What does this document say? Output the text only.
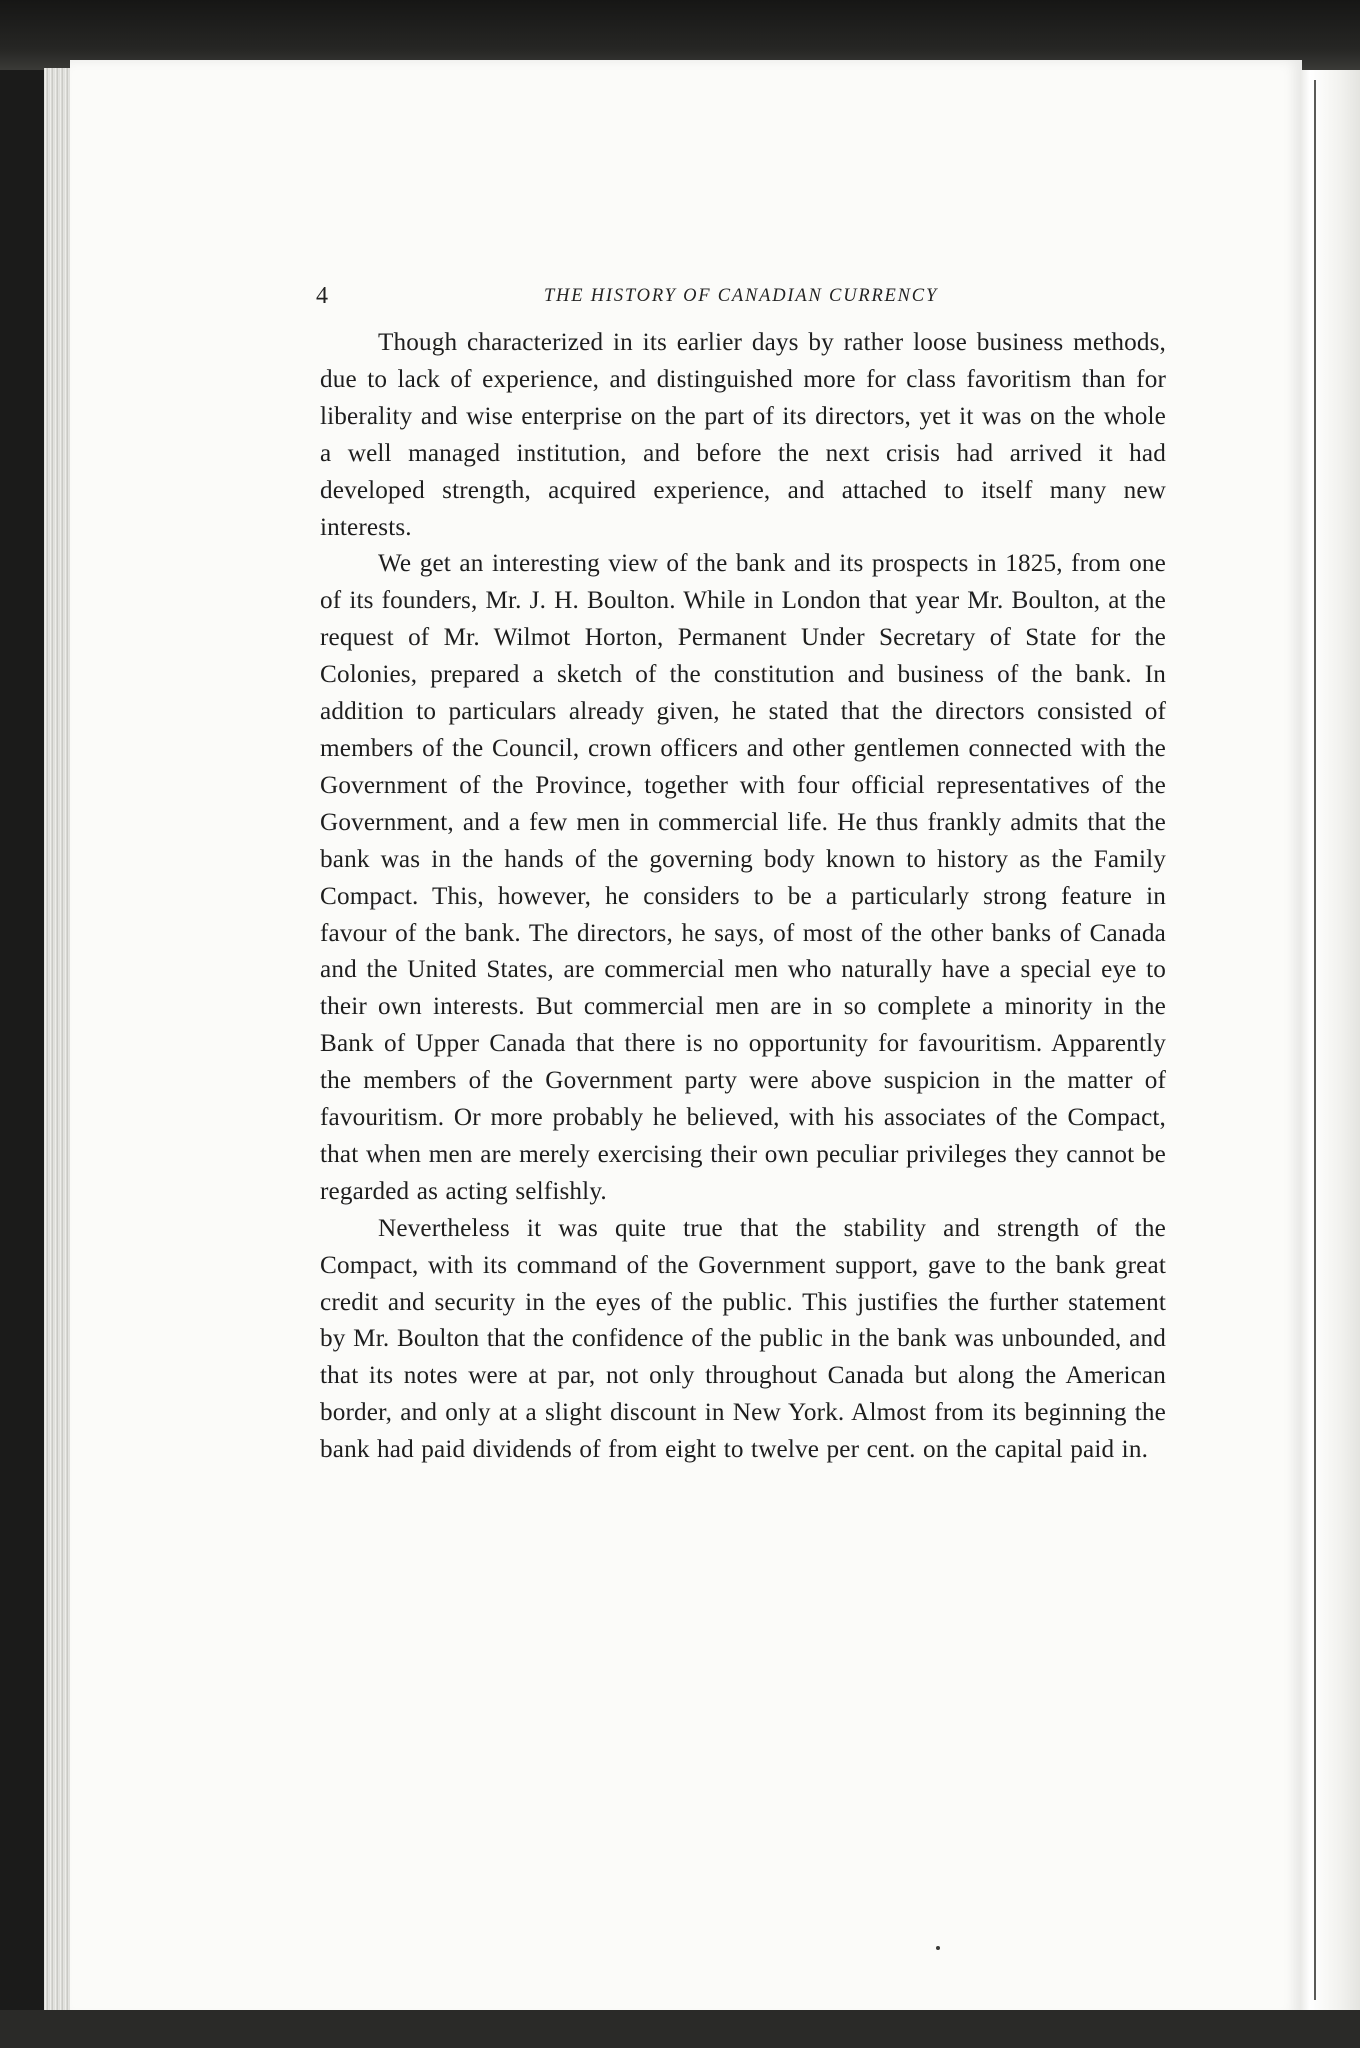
4	THE HISTORY OF CANADIAN CURRENCY

Though characterized in its earlier days by rather loose business methods, due to lack of experience, and distinguished more for class favoritism than for liberality and wise enterprise on the part of its directors, yet it was on the whole a well managed institution, and before the next crisis had arrived it had developed strength, acquired experience, and attached to itself many new interests.

We get an interesting view of the bank and its prospects in 1825, from one of its founders, Mr. J. H. Boulton. While in London that year Mr. Boulton, at the request of Mr. Wilmot Horton, Permanent Under Secretary of State for the Colonies, prepared a sketch of the constitution and business of the bank. In addition to particulars already given, he stated that the directors consisted of members of the Council, crown officers and other gentlemen connected with the Government of the Province, together with four official representatives of the Government, and a few men in commercial life. He thus frankly admits that the bank was in the hands of the governing body known to history as the Family Compact. This, however, he considers to be a particularly strong feature in favour of the bank. The directors, he says, of most of the other banks of Canada and the United States, are commercial men who naturally have a special eye to their own interests. But commercial men are in so complete a minority in the Bank of Upper Canada that there is no opportunity for favouritism. Apparently the members of the Government party were above suspicion in the matter of favouritism. Or more probably he believed, with his associates of the Compact, that when men are merely exercising their own peculiar privileges they cannot be regarded as acting selfishly.

Nevertheless it was quite true that the stability and strength of the Compact, with its command of the Government support, gave to the bank great credit and security in the eyes of the public. This justifies the further statement by Mr. Boulton that the confidence of the public in the bank was unbounded, and that its notes were at par, not only throughout Canada but along the American border, and only at a slight discount in New York. Almost from its beginning the bank had paid dividends of from eight to twelve per cent. on the capital paid in.
